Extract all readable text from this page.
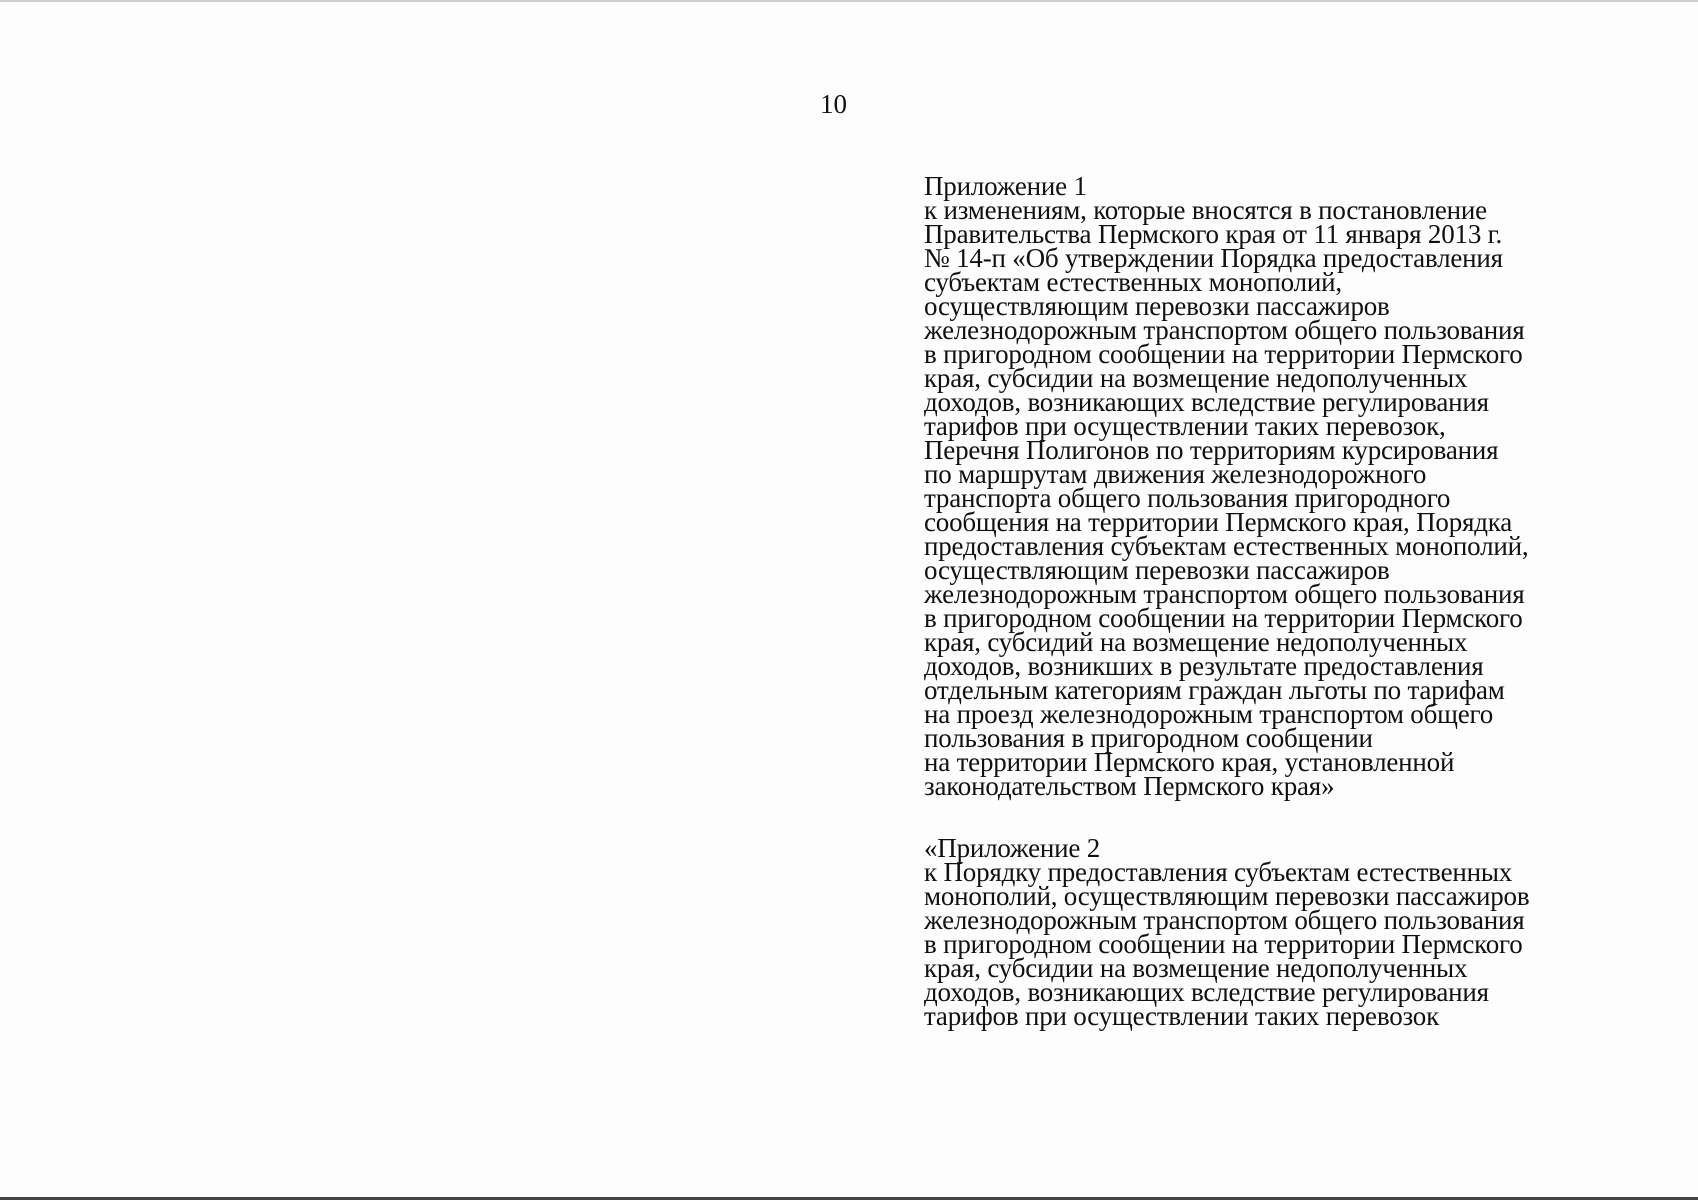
10
Приложение 1
к изменениям, которые вносятся в постановление
Правительства Пермского края от 11 января 2013 г.
№ 14-п «Об утверждении Порядка предоставления
субъектам естественных монополий,
осуществляющим перевозки пассажиров
железнодорожным транспортом общего пользования
в пригородном сообщении на территории Пермского
края, субсидии на возмещение недополученных
доходов, возникающих вследствие регулирования
тарифов при осуществлении таких перевозок,
Перечня Полигонов по территориям курсирования
по маршрутам движения железнодорожного
транспорта общего пользования пригородного
сообщения на территории Пермского края, Порядка
предоставления субъектам естественных монополий,
осуществляющим перевозки пассажиров
железнодорожным транспортом общего пользования
в пригородном сообщении на территории Пермского
края, субсидий на возмещение недополученных
доходов, возникших в результате предоставления
отдельным категориям граждан льготы по тарифам
на проезд железнодорожным транспортом общего
пользования в пригородном сообщении
на территории Пермского края, установленной
законодательством Пермского края»
«Приложение 2
к Порядку предоставления субъектам естественных
монополий, осуществляющим перевозки пассажиров
железнодорожным транспортом общего пользования
в пригородном сообщении на территории Пермского
края, субсидии на возмещение недополученных
доходов, возникающих вследствие регулирования
тарифов при осуществлении таких перевозок
